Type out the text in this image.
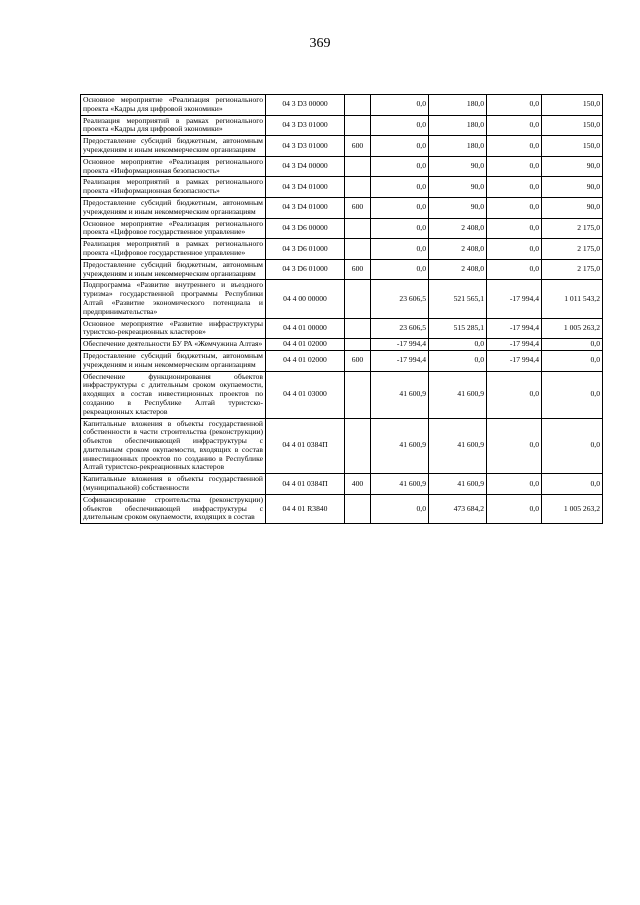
369
Основное мероприятие «Реализация регионального проекта «Кадры для цифровой экономики»	04 3 D3 00000		0,0	180,0	0,0	150,0
Реализация мероприятий в рамках регионального проекта «Кадры для цифровой экономики»	04 3 D3 01000		0,0	180,0	0,0	150,0
Предоставление субсидий бюджетным, автономным учреждениям и иным некоммерческим организациям	04 3 D3 01000	600	0,0	180,0	0,0	150,0
Основное мероприятие «Реализация регионального проекта «Информационная безопасность»	04 3 D4 00000		0,0	90,0	0,0	90,0
Реализация мероприятий в рамках регионального проекта «Информационная безопасность»	04 3 D4 01000		0,0	90,0	0,0	90,0
Предоставление субсидий бюджетным, автономным учреждениям и иным некоммерческим организациям	04 3 D4 01000	600	0,0	90,0	0,0	90,0
Основное мероприятие «Реализация регионального проекта «Цифровое государственное управление»	04 3 D6 00000		0,0	2 408,0	0,0	2 175,0
Реализация мероприятий в рамках регионального проекта «Цифровое государственное управление»	04 3 D6 01000		0,0	2 408,0	0,0	2 175,0
Предоставление субсидий бюджетным, автономным учреждениям и иным некоммерческим организациям	04 3 D6 01000	600	0,0	2 408,0	0,0	2 175,0
Подпрограмма «Развитие внутреннего и въездного туризма» государственной программы Республики Алтай «Развитие экономического потенциала и предпринимательства»	04 4 00 00000		23 606,5	521 565,1	-17 994,4	1 011 543,2
Основное мероприятие «Развитие инфраструктуры туристско-рекреационных кластеров»	04 4 01 00000		23 606,5	515 285,1	-17 994,4	1 005 263,2
Обеспечение деятельности БУ РА «Жемчужина Алтая»	04 4 01 02000		-17 994,4	0,0	-17 994,4	0,0
Предоставление субсидий бюджетным, автономным учреждениям и иным некоммерческим организациям	04 4 01 02000	600	-17 994,4	0,0	-17 994,4	0,0
Обеспечение функционирования объектов инфраструктуры с длительным сроком окупаемости, входящих в состав инвестиционных проектов по созданию в Республике Алтай туристско-рекреационных кластеров	04 4 01 03000		41 600,9	41 600,9	0,0	0,0
Капитальные вложения в объекты государственной собственности в части строительства (реконструкции) объектов обеспечивающей инфраструктуры с длительным сроком окупаемости, входящих в состав инвестиционных проектов по созданию в Республике Алтай туристско-рекреационных кластеров	04 4 01 0384П		41 600,9	41 600,9	0,0	0,0
Капитальные вложения в объекты государственной (муниципальной) собственности	04 4 01 0384П	400	41 600,9	41 600,9	0,0	0,0
Софинансирование строительства (реконструкции) объектов обеспечивающей инфраструктуры с длительным сроком окупаемости, входящих в состав	04 4 01 R3840		0,0	473 684,2	0,0	1 005 263,2
